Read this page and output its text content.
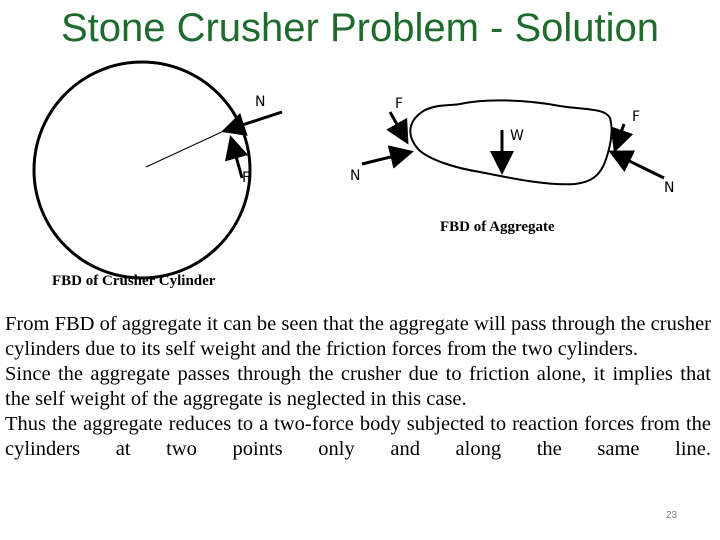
Stone Crusher Problem - Solution
N
F
F
N
W
F
N
FBD of Aggregate
FBD of Crusher Cylinder

From FBD of aggregate it can be seen that the aggregate will pass through the crusher cylinders due to its self weight and the friction forces from the two cylinders.

Since the aggregate passes through the crusher due to friction alone, it implies that the self weight of the aggregate is neglected in this case.

Thus the aggregate reduces to a two-force body subjected to reaction forces from the cylinders at two points only and along the same line.

23
